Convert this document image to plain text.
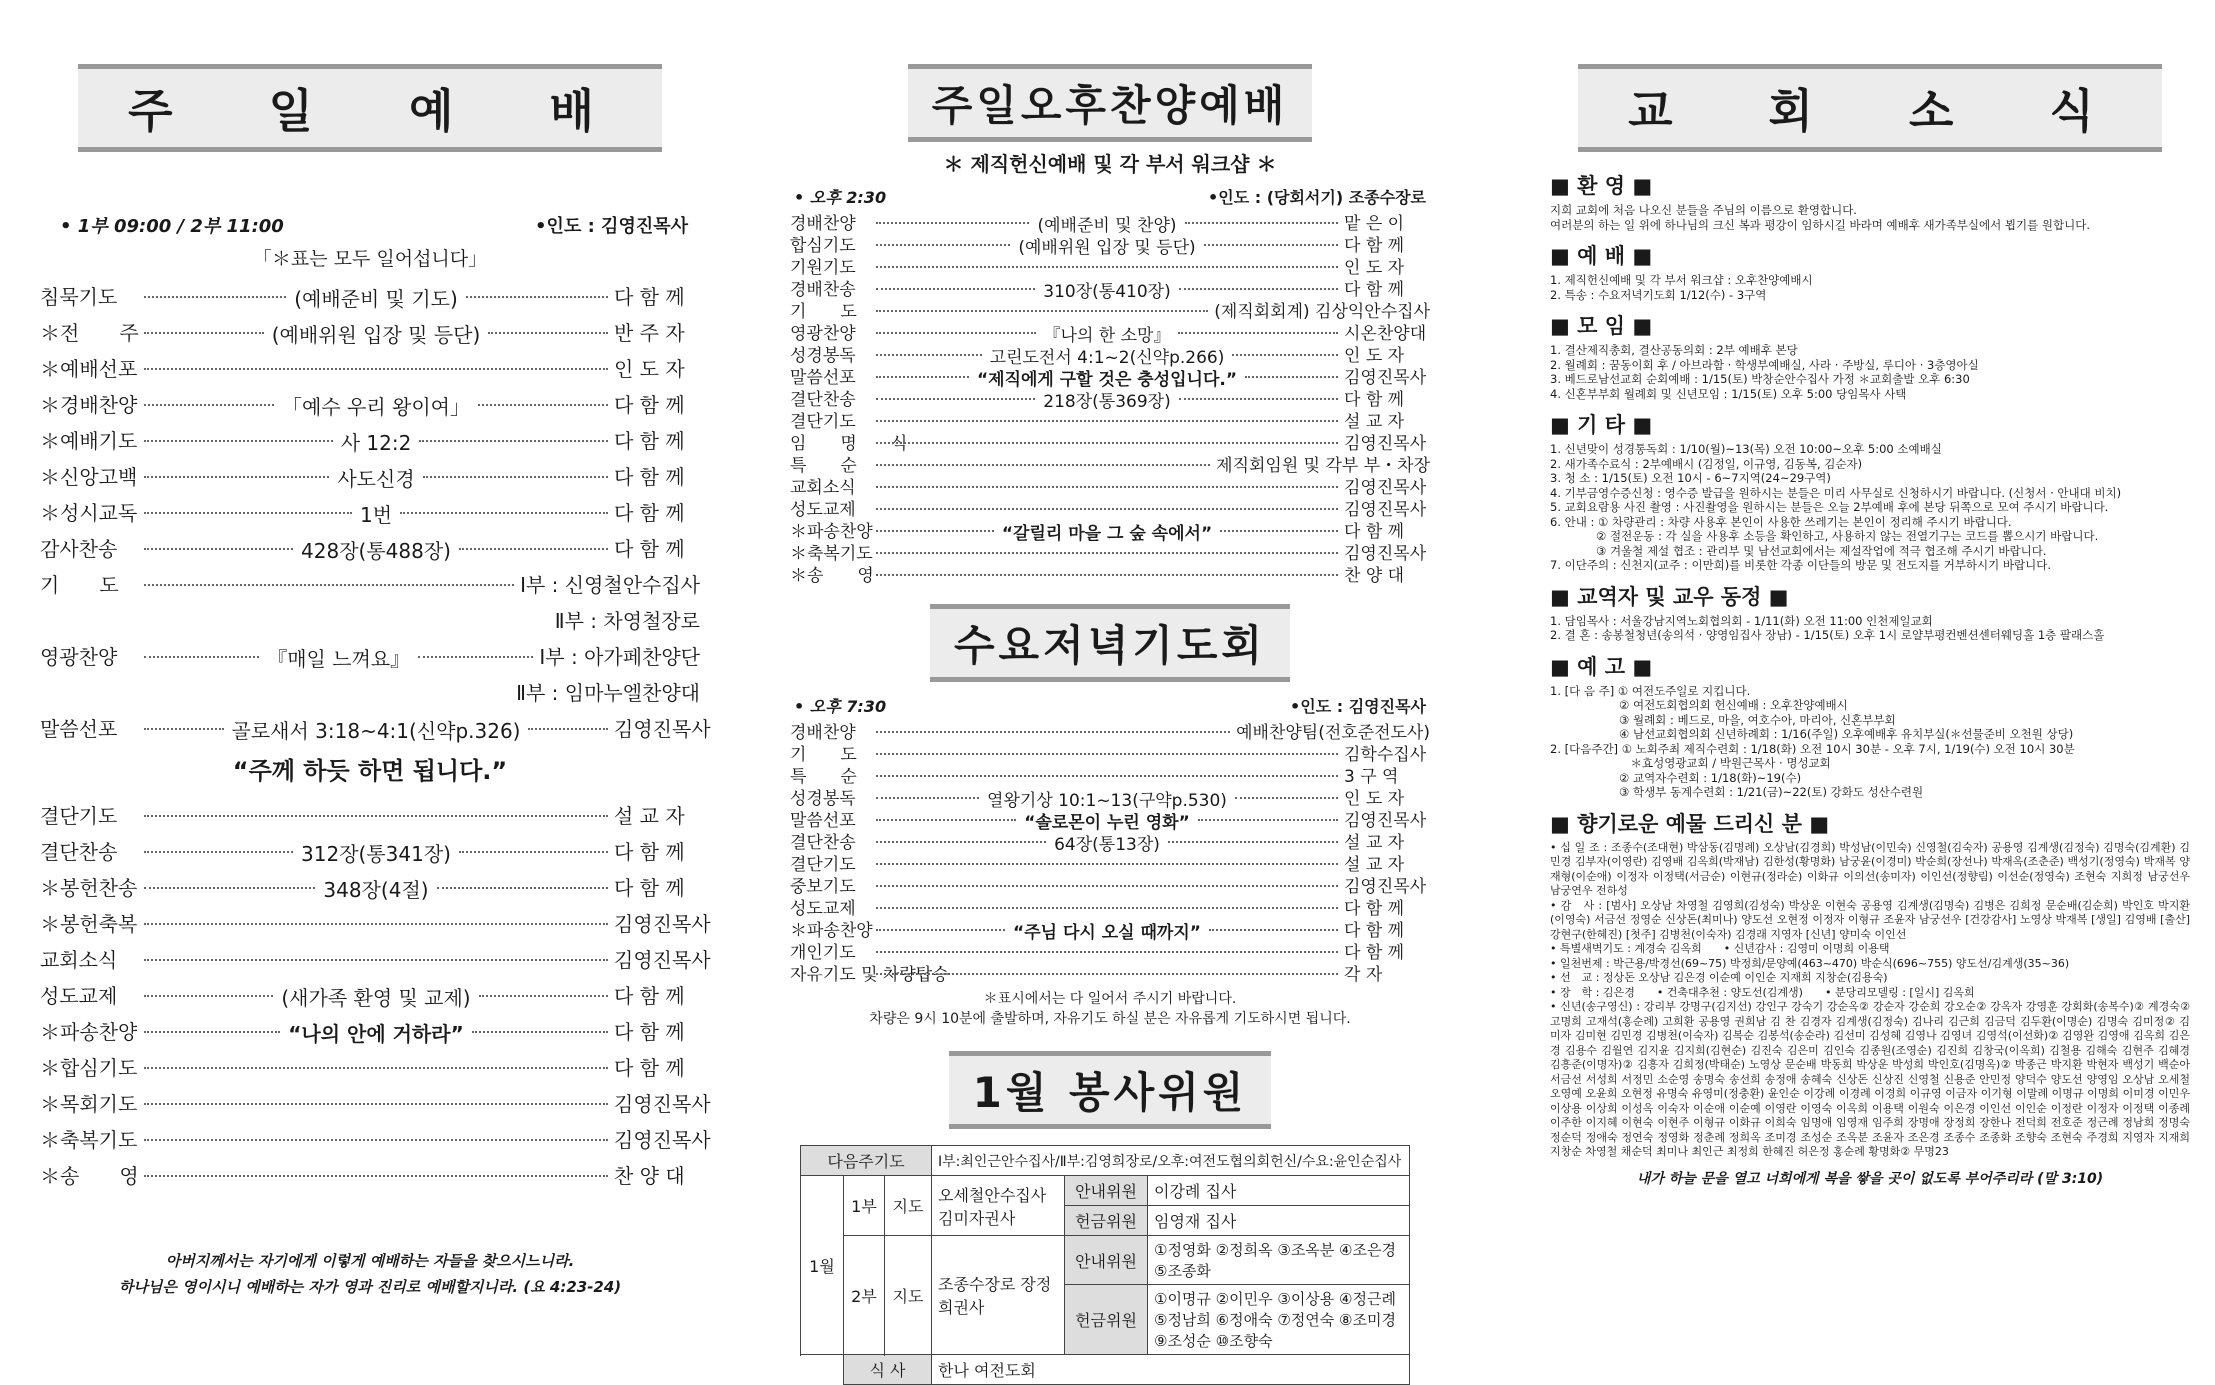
주 일 예 배
• 1부 09:00 / 2부 11:00	•인도 : 김영진목사
「＊표는 모두 일어섭니다」
침묵기도	(예배준비 및 기도)	다 함 께
＊전　　주	(예배위원 입장 및 등단)	반 주 자
＊예배선포	인 도 자
＊경배찬양	「예수 우리 왕이여」	다 함 께
＊예배기도	사 12:2	다 함 께
＊신앙고백	사도신경	다 함 께
＊성시교독	1번	다 함 께
감사찬송	428장(통488장)	다 함 께
기　　도	Ⅰ부 : 신영철안수집사
Ⅱ부 : 차영철장로
영광찬양	『매일 느껴요』	Ⅰ부 : 아가페찬양단
Ⅱ부 : 임마누엘찬양대
말씀선포	골로새서 3:18~4:1(신약p.326)	김영진목사
“주께 하듯 하면 됩니다.”
결단기도	설 교 자
결단찬송	312장(통341장)	다 함 께
＊봉헌찬송	348장(4절)	다 함 께
＊봉헌축복	김영진목사
교회소식	김영진목사
성도교제	(새가족 환영 및 교제)	다 함 께
＊파송찬양	“나의 안에 거하라”	다 함 께
＊합심기도	다 함 께
＊목회기도	김영진목사
＊축복기도	김영진목사
＊송　　영	찬 양 대
아버지께서는 자기에게 이렇게 예배하는 자들을 찾으시느니라.
하나님은 영이시니 예배하는 자가 영과 진리로 예배할지니라. (요 4:23-24)
주일오후찬양예배
＊ 제직헌신예배 및 각 부서 워크샵 ＊
• 오후 2:30	•인도 : (당회서기) 조종수장로
경배찬양	(예배준비 및 찬양)	맡 은 이
합심기도	(예배위원 입장 및 등단)	다 함 께
기원기도	인 도 자
경배찬송	310장(통410장)	다 함 께
기　　도	(제직회회계) 김상익안수집사
영광찬양	『나의 한 소망』	시온찬양대
성경봉독	고린도전서 4:1~2(신약p.266)	인 도 자
말씀선포	“제직에게 구할 것은 충성입니다.”	김영진목사
결단찬송	218장(통369장)	다 함 께
결단기도	설 교 자
임　　명　　식	김영진목사
특　　순	제직회임원 및 각부 부・차장
교회소식	김영진목사
성도교제	김영진목사
＊파송찬양	“갈릴리 마을 그 숲 속에서”	다 함 께
＊축복기도	김영진목사
＊송　　영	찬 양 대
수요저녁기도회
• 오후 7:30	•인도 : 김영진목사
경배찬양	예배찬양팀(전호준전도사)
기　　도	김학수집사
특　　순	3 구 역
성경봉독	열왕기상 10:1~13(구약p.530)	인 도 자
말씀선포	“솔로몬이 누린 영화”	김영진목사
결단찬송	64장(통13장)	설 교 자
결단기도	설 교 자
중보기도	김영진목사
성도교제	다 함 께
＊파송찬양	“주님 다시 오실 때까지”	다 함 께
개인기도	다 함 께
자유기도 및 차량탑승	각 자
＊표시에서는 다 일어서 주시기 바랍니다.
차량은 9시 10분에 출발하며, 자유기도 하실 분은 자유롭게 기도하시면 됩니다.
1월 봉사위원
다음주기도	Ⅰ부:최인근안수집사/Ⅱ부:김영희장로/오후:여전도협의회헌신/수요:윤인순집사
1월	1부	지도	오세철안수집사 김미자권사	
안내위원	이강례 집사
헌금위원	임영재 집사

2부	지도	조종수장로 장정희권사	
안내위원	①정영화 ②정희옥 ③조옥분 ④조은경 ⑤조종화
헌금위원	①이명규 ②이민우 ③이상용 ④정근례 ⑤정남희 ⑥정애숙 ⑦정연숙 ⑧조미경 ⑨조성순 ⑩조향숙

	식 사	한나 여전도회
교 회 소 식
■ 환 영 ■
지희 교회에 처음 나오신 분들을 주님의 이름으로 환영합니다.
여러분의 하는 일 위에 하나님의 크신 복과 평강이 임하시길 바라며 예배후 새가족부실에서 뵙기를 원합니다.
■ 예 배 ■
1. 제직헌신예배 및 각 부서 워크샵 : 오후찬양예배시
2. 특송 : 수요저녁기도회 1/12(수) - 3구역
■ 모 임 ■
1. 결산제직총회, 결산공동의회 : 2부 예배후 본당
2. 월례회 : 꿈동이회 후 / 아브라함 · 학생부예배실, 사라 · 주방실, 루디아 · 3층영아실
3. 베드로남선교회 순회예배 : 1/15(토) 박창순안수집사 가정 ＊교회출발 오후 6:30
4. 신혼부부회 월례회 및 신년모임 : 1/15(토) 오후 5:00 당임목사 사택
■ 기 타 ■
1. 신년맞이 성경통독회 : 1/10(월)~13(목) 오전 10:00~오후 5:00 소예배실
2. 새가족수료식 : 2부예배시 (김정일, 이규영, 김동복, 김순자)
3. 청 소 : 1/15(토) 오전 10시 - 6~7지역(24~29구역)
4. 기부금영수증신청 : 영수증 발급을 원하시는 분들은 미리 사무실로 신청하시기 바랍니다. (신청서 · 안내대 비치)
5. 교회요람용 사진 촬영 : 사진촬영을 원하시는 분들은 오늘 2부예배 후에 본당 뒤쪽으로 모여 주시기 바랍니다.
6. 안내 : ① 차량관리 : 차량 사용후 본인이 사용한 쓰레기는 본인이 정리해 주시기 바랍니다.
　　　　② 절전운동 : 각 실을 사용후 소등을 확인하고, 사용하지 않는 전열기구는 코드를 뽑으시기 바랍니다.
　　　　③ 겨울철 제설 협조 : 관리부 및 남선교회에서는 제설작업에 적극 협조해 주시기 바랍니다.
7. 이단주의 : 신천지(교주 : 이만희)를 비롯한 각종 이단들의 방문 및 전도지를 거부하시기 바랍니다.
■ 교역자 및 교우 동정 ■
1. 담임목사 : 서울강남지역노회협의회 - 1/11(화) 오전 11:00 인천제일교회
2. 결 혼 : 송봉철청년(송의석 · 양영임집사 장남) - 1/15(토) 오후 1시 로얄부평컨벤션센터웨딩홀 1층 팔래스홀
■ 예 고 ■
1. [다 음 주] ① 여전도주일로 지킵니다.
　　　　　　② 여전도회협의회 헌신예배 : 오후찬양예배시
　　　　　　③ 월례회 : 베드로, 마을, 여호수아, 마리아, 신혼부부회
　　　　　　④ 남선교회협의회 신년하례회 : 1/16(주일) 오후예배후 유치부실(＊선물준비 오천원 상당)
2. [다음주간] ① 노회주최 제직수련회 : 1/18(화) 오전 10시 30분 - 오후 7시, 1/19(수) 오전 10시 30분
　　　　　　　＊효성영광교회 / 박원근목사 · 명성교회
　　　　　　② 교역자수련회 : 1/18(화)~19(수)
　　　　　　③ 학생부 동계수련회 : 1/21(금)~22(토) 강화도 성산수련원
■ 향기로운 예물 드리신 분 ■
• 십 일 조 : 조종수(조대현) 박삼동(김명례) 오상남(김경희) 박성남(이민숙) 신영철(김숙자) 공용영 김계생(김정숙) 김명숙(김계환) 김민경 김부자(이영란) 김영배 김옥희(박재남) 김한성(황명화) 남궁윤(이경미) 박순희(장선나) 박재옥(조춘준) 백성기(정영숙) 박재복 양재형(이순애) 이정자 이정택(서금순) 이현규(정라순) 이화규 이의선(송미자) 이인선(정향림) 이선순(정영숙) 조현숙 지희정 남궁선우 남궁연우 전하성
• 감　사 : [범사] 오상남 차영철 김영희(김성숙) 박상운 이현숙 공용영 김계생(김명숙) 김병은 김희정 문순배(김순희) 박인호 박지환(이영숙) 서금선 정영순 신상돈(최미나) 양도선 오현정 이정자 이형규 조윤자 남궁선우 [건강감사] 노영상 박재복 [생일] 김영배 [출산] 강현구(한혜진) [첫주] 김병천(이숙자) 김경래 지영자 [신년] 양미숙 이인선
• 특별새벽기도 : 계경숙 김옥희　　• 신년감사 : 김영미 이명희 이용택
• 일천번제 : 박근용/박경선(69~75) 박정희/문양예(463~470) 박순식(696~755) 양도선/김계생(35~36)
• 선　교 : 정상돈 오상남 김은경 이순예 이인순 지재희 지창순(김용숙)
• 장　학 : 김은경　　• 건축대추천 : 양도선(김계생)　　• 분당리모델링 : [일시] 김옥희
• 신년(송구영신) : 강리부 강명구(김지선) 강인구 강숙기 강순옥② 강순자 강순희 강오순② 강옥자 강영훈 강회화(송복수)② 계경숙② 고명희 고재석(홍순례) 고희환 공용영 권희남 김 찬 김경자 김계생(김정숙) 김나리 김근희 김금덕 김두환(이명순) 김명숙 김미정② 김미자 김미현 김민경 김병천(이숙자) 김복순 김봉석(송순라) 김선미 김성혜 김영나 김영녀 김영석(이선화)② 김영완 김영애 김옥희 김은경 김용수 김월연 김지윤 김지희(김현순) 김진숙 김은미 김인숙 김종원(조영순) 김진희 김창국(이옥희) 김철용 김해숙 김현주 김혜경 김흥준(이명자)② 김흥자 김희정(박태순) 노영상 문순배 박동희 박상운 박성희 박인호(김명옥)② 박종근 박지환 박현자 백성기 백순아 서금선 서성희 서정민 소순영 송명숙 송선희 송정애 송혜숙 신상돈 신상진 신영철 신용준 안민정 양덕수 양도선 양영임 오상남 오세철 오영예 오윤희 오현정 유명숙 유영미(정충환) 윤인순 이강례 이경례 이경희 이규영 이금자 이기형 이말례 이명규 이명희 이미경 이민우 이상용 이상희 이성옥 이숙자 이순애 이순예 이영란 이영숙 이옥희 이용택 이원숙 이은경 이인선 이인순 이정란 이정자 이정택 이종례 이주한 이지혜 이현숙 이현주 이형규 이화규 이희숙 임명애 임영재 임주희 장명애 장정희 장한나 전덕희 전호준 정근례 정남희 정명숙 정순덕 정애숙 정연숙 정영화 정춘례 정희옥 조미경 조성순 조옥분 조윤자 조은경 조종수 조종화 조향숙 조현숙 주경희 지영자 지재희 지창순 차영철 채순덕 최미나 최인근 최정희 한혜진 허은정 홍순례 황명화② 무명23
내가 하늘 문을 열고 너희에게 복을 쌓을 곳이 없도록 부어주리라 (말 3:10)
